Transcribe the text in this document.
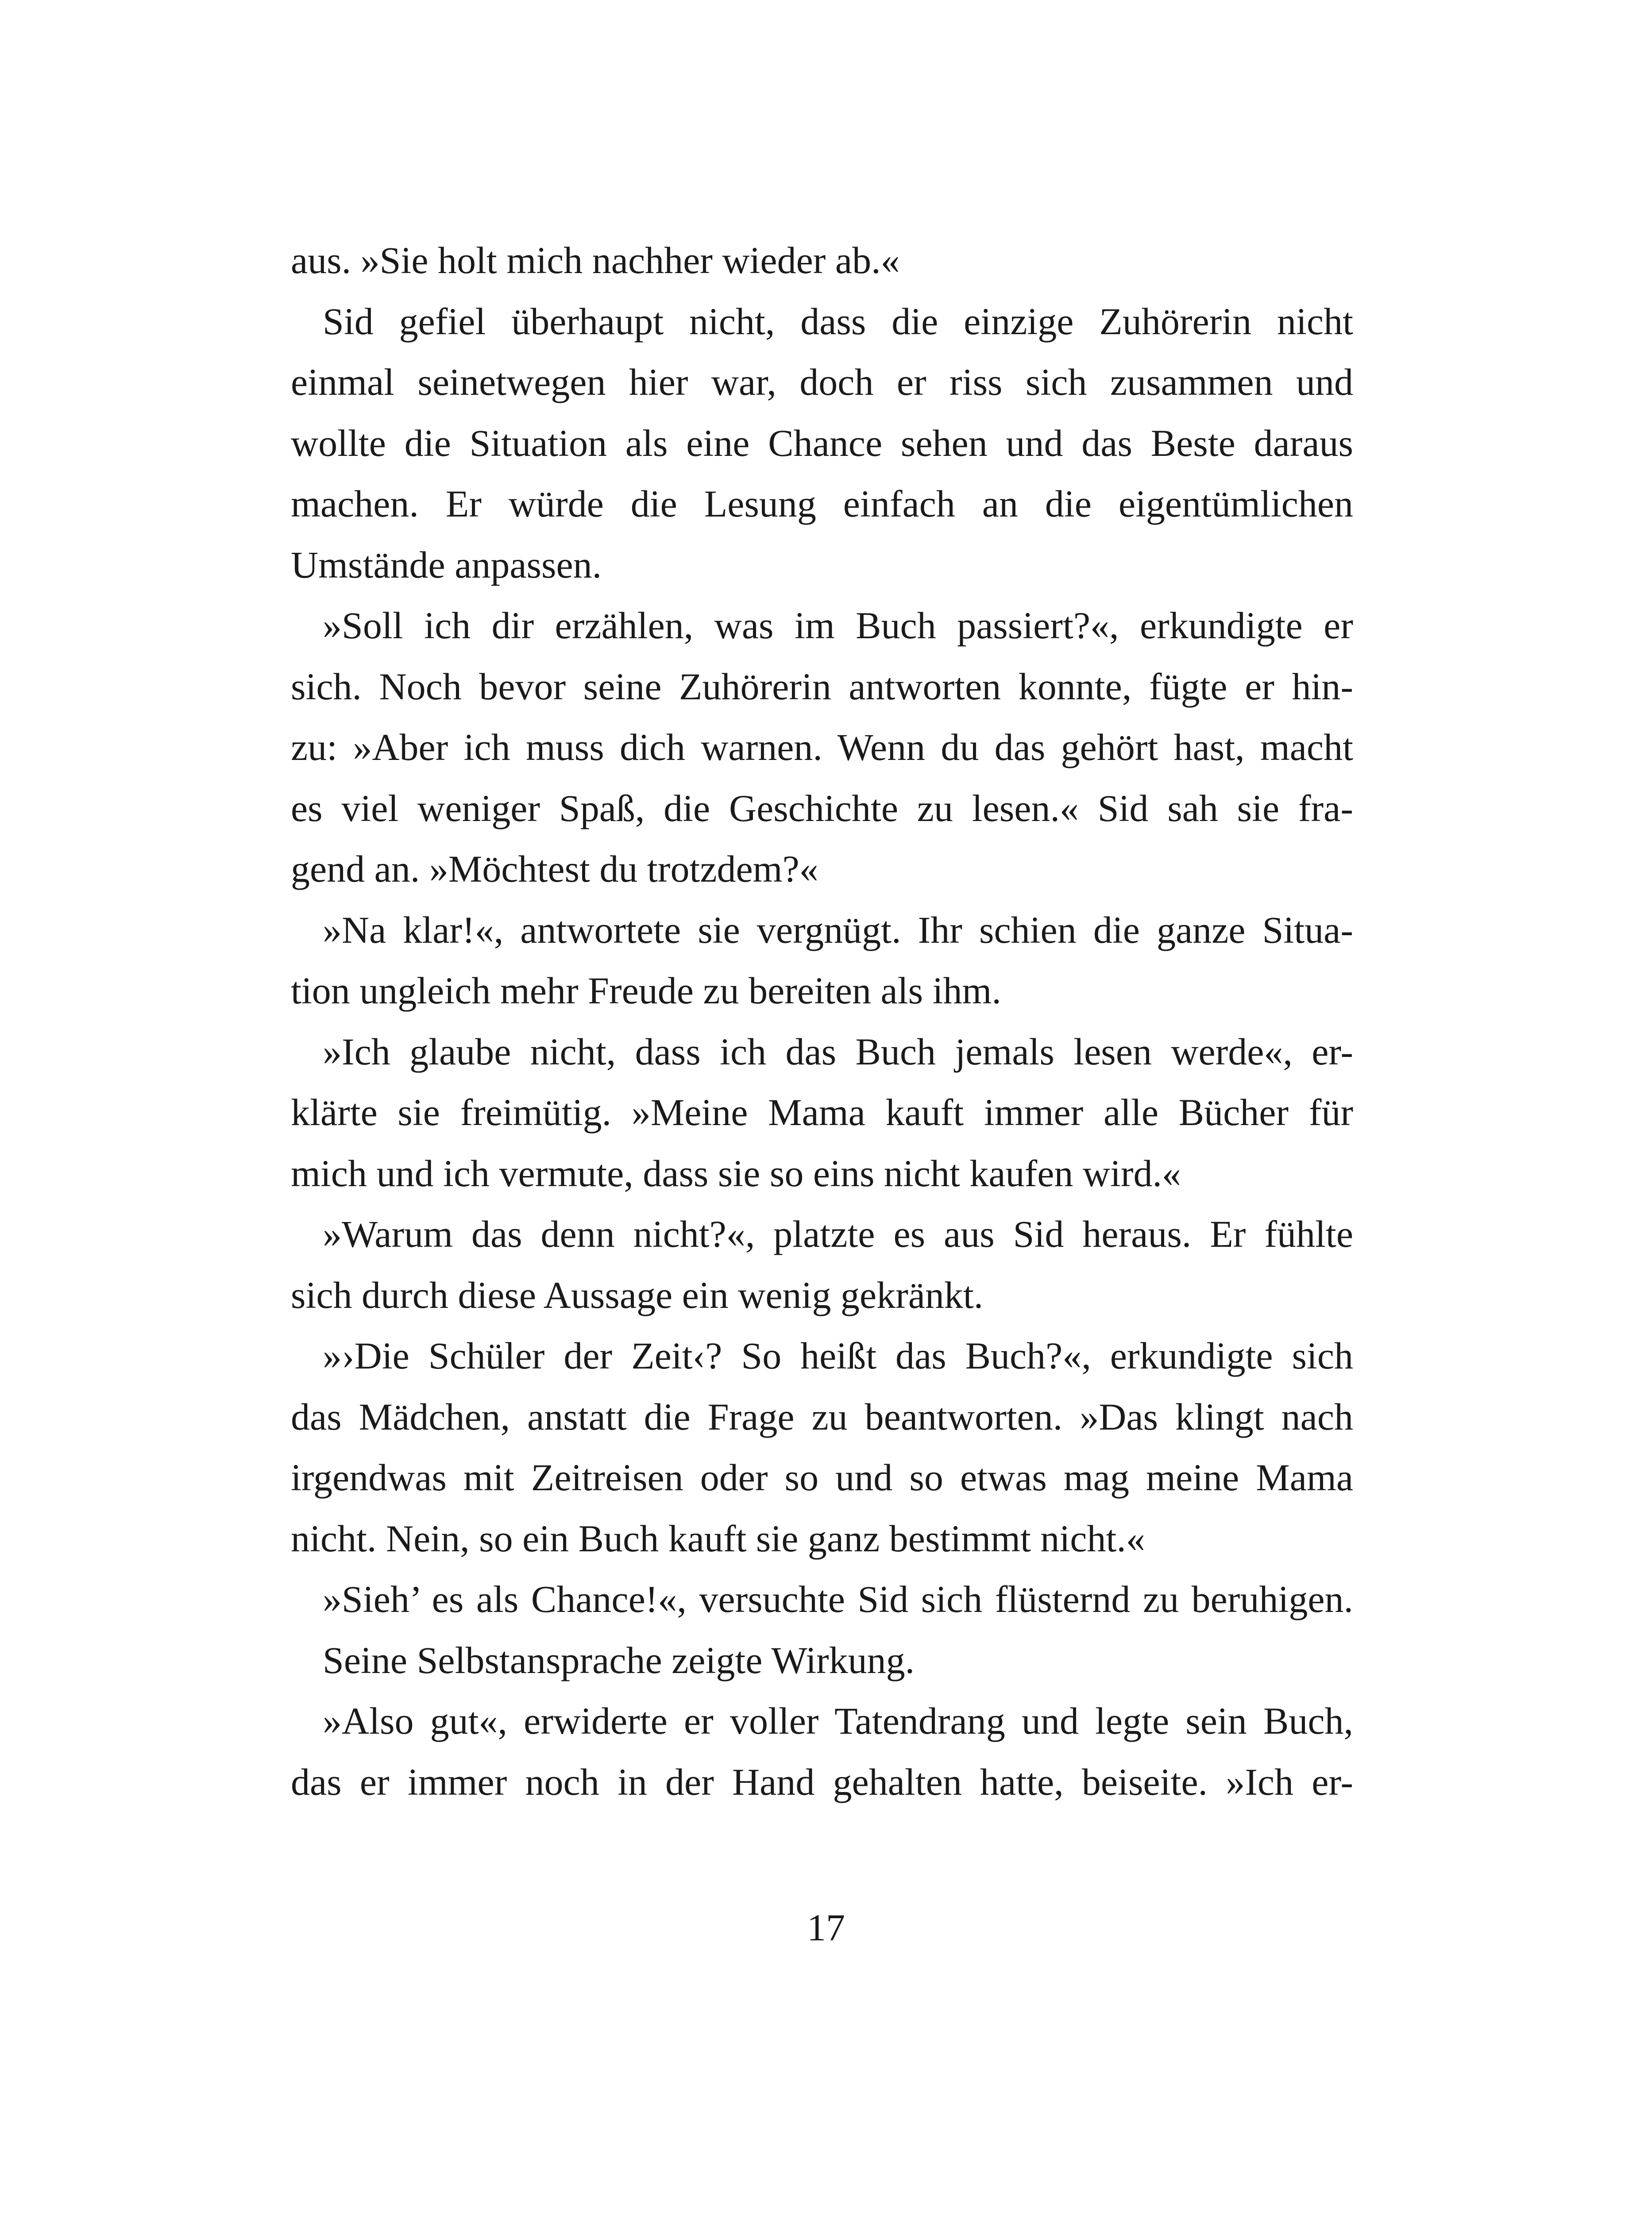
aus. »Sie holt mich nachher wieder ab.«
Sid gefiel überhaupt nicht, dass die einzige Zuhörerin nicht
einmal seinetwegen hier war, doch er riss sich zusammen und
wollte die Situation als eine Chance sehen und das Beste daraus
machen. Er würde die Lesung einfach an die eigentümlichen
Umstände anpassen.
»Soll ich dir erzählen, was im Buch passiert?«, erkundigte er
sich. Noch bevor seine Zuhörerin antworten konnte, fügte er hin-
zu: »Aber ich muss dich warnen. Wenn du das gehört hast, macht
es viel weniger Spaß, die Geschichte zu lesen.« Sid sah sie fra-
gend an. »Möchtest du trotzdem?«
»Na klar!«, antwortete sie vergnügt. Ihr schien die ganze Situa-
tion ungleich mehr Freude zu bereiten als ihm.
»Ich glaube nicht, dass ich das Buch jemals lesen werde«, er-
klärte sie freimütig. »Meine Mama kauft immer alle Bücher für
mich und ich vermute, dass sie so eins nicht kaufen wird.«
»Warum das denn nicht?«, platzte es aus Sid heraus. Er fühlte
sich durch diese Aussage ein wenig gekränkt.
»›Die Schüler der Zeit‹? So heißt das Buch?«, erkundigte sich
das Mädchen, anstatt die Frage zu beantworten. »Das klingt nach
irgendwas mit Zeitreisen oder so und so etwas mag meine Mama
nicht. Nein, so ein Buch kauft sie ganz bestimmt nicht.«
»Sieh’ es als Chance!«, versuchte Sid sich flüsternd zu beruhigen.
Seine Selbstansprache zeigte Wirkung.
»Also gut«, erwiderte er voller Tatendrang und legte sein Buch,
das er immer noch in der Hand gehalten hatte, beiseite. »Ich er-
17
